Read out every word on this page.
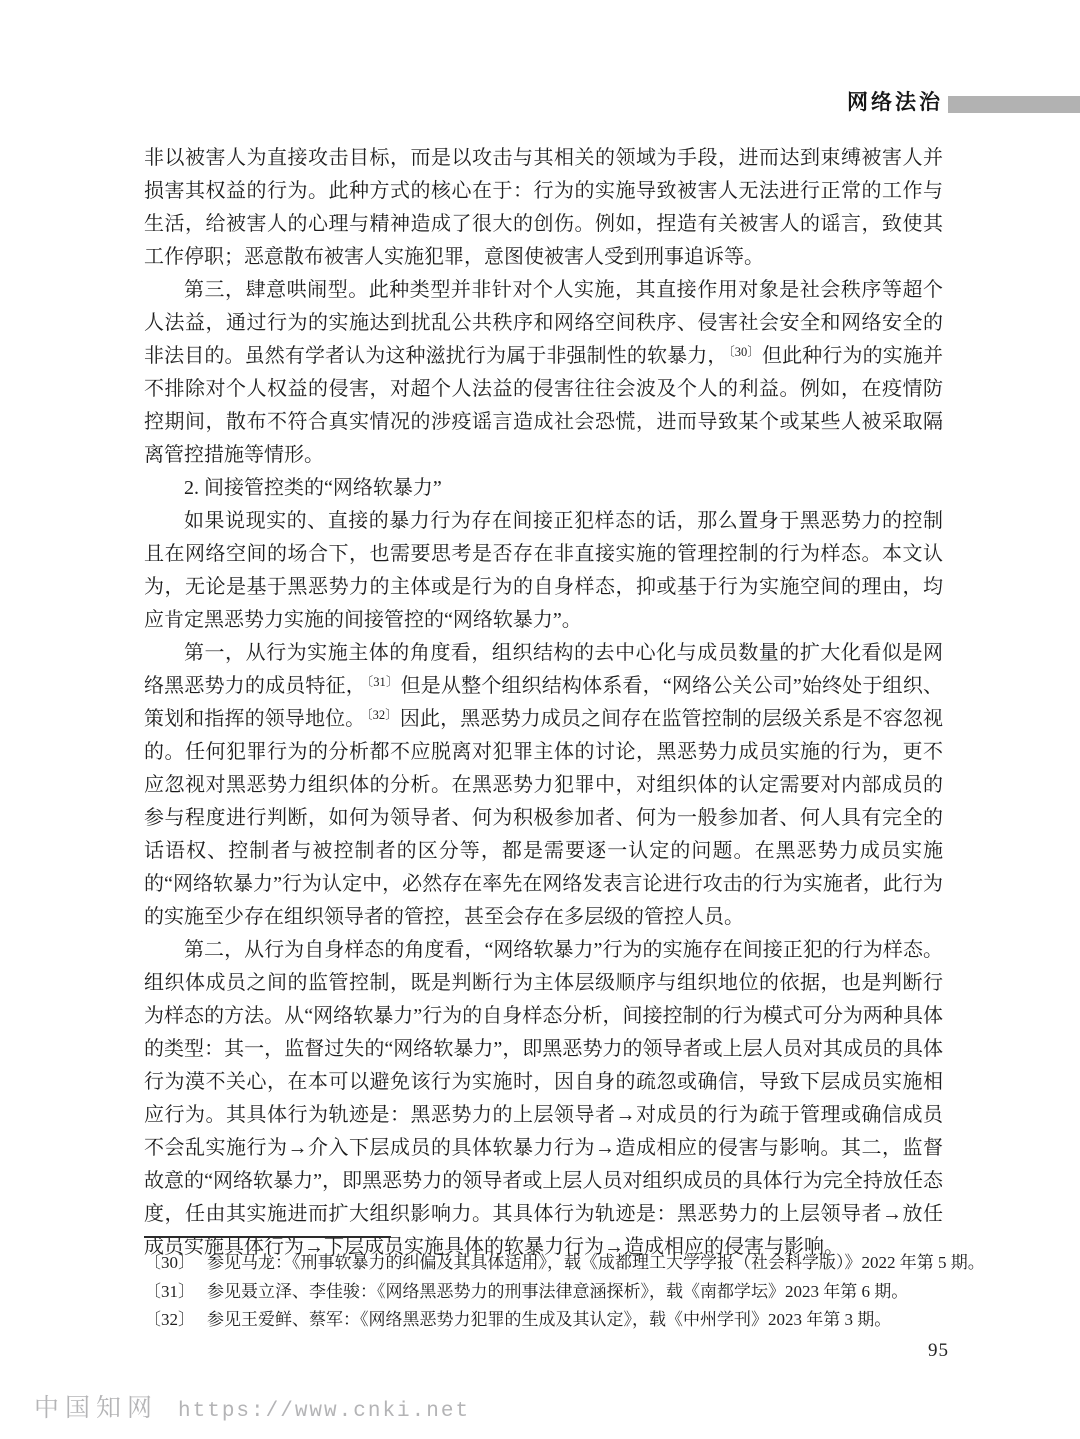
网络法治

非以被害人为直接攻击目标，而是以攻击与其相关的领域为手段，进而达到束缚被害人并损害其权益的行为。此种方式的核心在于：行为的实施导致被害人无法进行正常的工作与生活，给被害人的心理与精神造成了很大的创伤。例如，捏造有关被害人的谣言，致使其工作停职；恶意散布被害人实施犯罪，意图使被害人受到刑事追诉等。

第三，肆意哄闹型。此种类型并非针对个人实施，其直接作用对象是社会秩序等超个人法益，通过行为的实施达到扰乱公共秩序和网络空间秩序、侵害社会安全和网络安全的非法目的。虽然有学者认为这种滋扰行为属于非强制性的软暴力，$^{〔30〕}$ 但此种行为的实施并不排除对个人权益的侵害，对超个人法益的侵害往往会波及个人的利益。例如，在疫情防控期间，散布不符合真实情况的涉疫谣言造成社会恐慌，进而导致某个或某些人被采取隔离管控措施等情形。

2. 间接管控类的“网络软暴力”

如果说现实的、直接的暴力行为存在间接正犯样态的话，那么置身于黑恶势力的控制且在网络空间的场合下，也需要思考是否存在非直接实施的管理控制的行为样态。本文认为，无论是基于黑恶势力的主体或是行为的自身样态，抑或基于行为实施空间的理由，均应肯定黑恶势力实施的间接管控的“网络软暴力”。

第一，从行为实施主体的角度看，组织结构的去中心化与成员数量的扩大化看似是网络黑恶势力的成员特征，$^{〔31〕}$ 但是从整个组织结构体系看，“网络公关公司”始终处于组织、策划和指挥的领导地位。$^{〔32〕}$ 因此，黑恶势力成员之间存在监管控制的层级关系是不容忽视的。任何犯罪行为的分析都不应脱离对犯罪主体的讨论，黑恶势力成员实施的行为，更不应忽视对黑恶势力组织体的分析。在黑恶势力犯罪中，对组织体的认定需要对内部成员的参与程度进行判断，如何为领导者、何为积极参加者、何为一般参加者、何人具有完全的话语权、控制者与被控制者的区分等，都是需要逐一认定的问题。在黑恶势力成员实施的“网络软暴力”行为认定中，必然存在率先在网络发表言论进行攻击的行为实施者，此行为的实施至少存在组织领导者的管控，甚至会存在多层级的管控人员。

第二，从行为自身样态的角度看，“网络软暴力”行为的实施存在间接正犯的行为样态。组织体成员之间的监管控制，既是判断行为主体层级顺序与组织地位的依据，也是判断行为样态的方法。从“网络软暴力”行为的自身样态分析，间接控制的行为模式可分为两种具体的类型：其一，监督过失的“网络软暴力”，即黑恶势力的领导者或上层人员对其成员的具体行为漠不关心，在本可以避免该行为实施时，因自身的疏忽或确信，导致下层成员实施相应行为。其具体行为轨迹是：黑恶势力的上层领导者→对成员的行为疏于管理或确信成员不会乱实施行为→介入下层成员的具体软暴力行为→造成相应的侵害与影响。其二，监督故意的“网络软暴力”，即黑恶势力的领导者或上层人员对组织成员的具体行为完全持放任态度，任由其实施进而扩大组织影响力。其具体行为轨迹是：黑恶势力的上层领导者→放任成员实施具体行为→下层成员实施具体的软暴力行为→造成相应的侵害与影响。

〔30〕 参见马龙：《刑事软暴力的纠偏及其具体适用》，载《成都理工大学学报（社会科学版）》2022 年第 5 期。
〔31〕 参见聂立泽、李佳骏：《网络黑恶势力的刑事法律意涵探析》，载《南都学坛》2023 年第 6 期。
〔32〕 参见王爱鲜、蔡军：《网络黑恶势力犯罪的生成及其认定》，载《中州学刊》2023 年第 3 期。
95
中国知网 https://www.cnki.net
